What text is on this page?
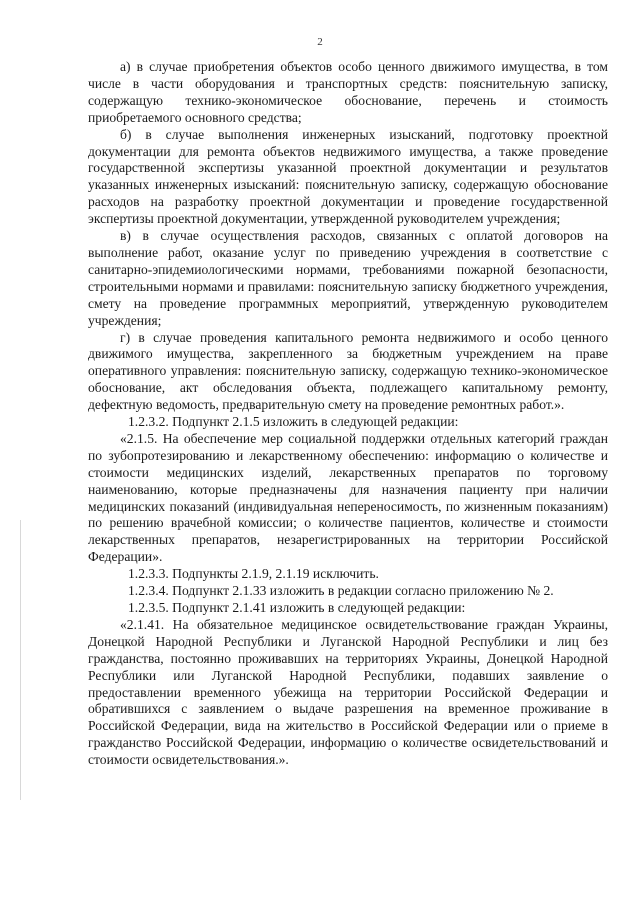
2

а) в случае приобретения объектов особо ценного движимого имущества, в том числе в части оборудования и транспортных средств: пояснительную записку, содержащую технико-экономическое обоснование, перечень и стоимость приобретаемого основного средства;

б) в случае выполнения инженерных изысканий, подготовку проектной документации для ремонта объектов недвижимого имущества, а также проведение государственной экспертизы указанной проектной документации и результатов указанных инженерных изысканий: пояснительную записку, содержащую обоснование расходов на разработку проектной документации и проведение государственной экспертизы проектной документации, утвержденной руководителем учреждения;

в) в случае осуществления расходов, связанных с оплатой договоров на выполнение работ, оказание услуг по приведению учреждения в соответствие с санитарно-эпидемиологическими нормами, требованиями пожарной безопасности, строительными нормами и правилами: пояснительную записку бюджетного учреждения, смету на проведение программных мероприятий, утвержденную руководителем учреждения;

г) в случае проведения капитального ремонта недвижимого и особо ценного движимого имущества, закрепленного за бюджетным учреждением на праве оперативного управления: пояснительную записку, содержащую технико-экономическое обоснование, акт обследования объекта, подлежащего капитальному ремонту, дефектную ведомость, предварительную смету на проведение ремонтных работ.».

1.2.3.2. Подпункт 2.1.5 изложить в следующей редакции:

«2.1.5. На обеспечение мер социальной поддержки отдельных категорий граждан по зубопротезированию и лекарственному обеспечению: информацию о количестве и стоимости медицинских изделий, лекарственных препаратов по торговому наименованию, которые предназначены для назначения пациенту при наличии медицинских показаний (индивидуальная непереносимость, по жизненным показаниям) по решению врачебной комиссии; о количестве пациентов, количестве и стоимости лекарственных препаратов, незарегистрированных на территории Российской Федерации».

1.2.3.3. Подпункты 2.1.9, 2.1.19 исключить.

1.2.3.4. Подпункт 2.1.33 изложить в редакции согласно приложению № 2.

1.2.3.5. Подпункт 2.1.41 изложить в следующей редакции:

«2.1.41. На обязательное медицинское освидетельствование граждан Украины, Донецкой Народной Республики и Луганской Народной Республики и лиц без гражданства, постоянно проживавших на территориях Украины, Донецкой Народной Республики или Луганской Народной Республики, подавших заявление о предоставлении временного убежища на территории Российской Федерации и обратившихся с заявлением о выдаче разрешения на временное проживание в Российской Федерации, вида на жительство в Российской Федерации или о приеме в гражданство Российской Федерации, информацию о количестве освидетельствований и стоимости освидетельствования.».
